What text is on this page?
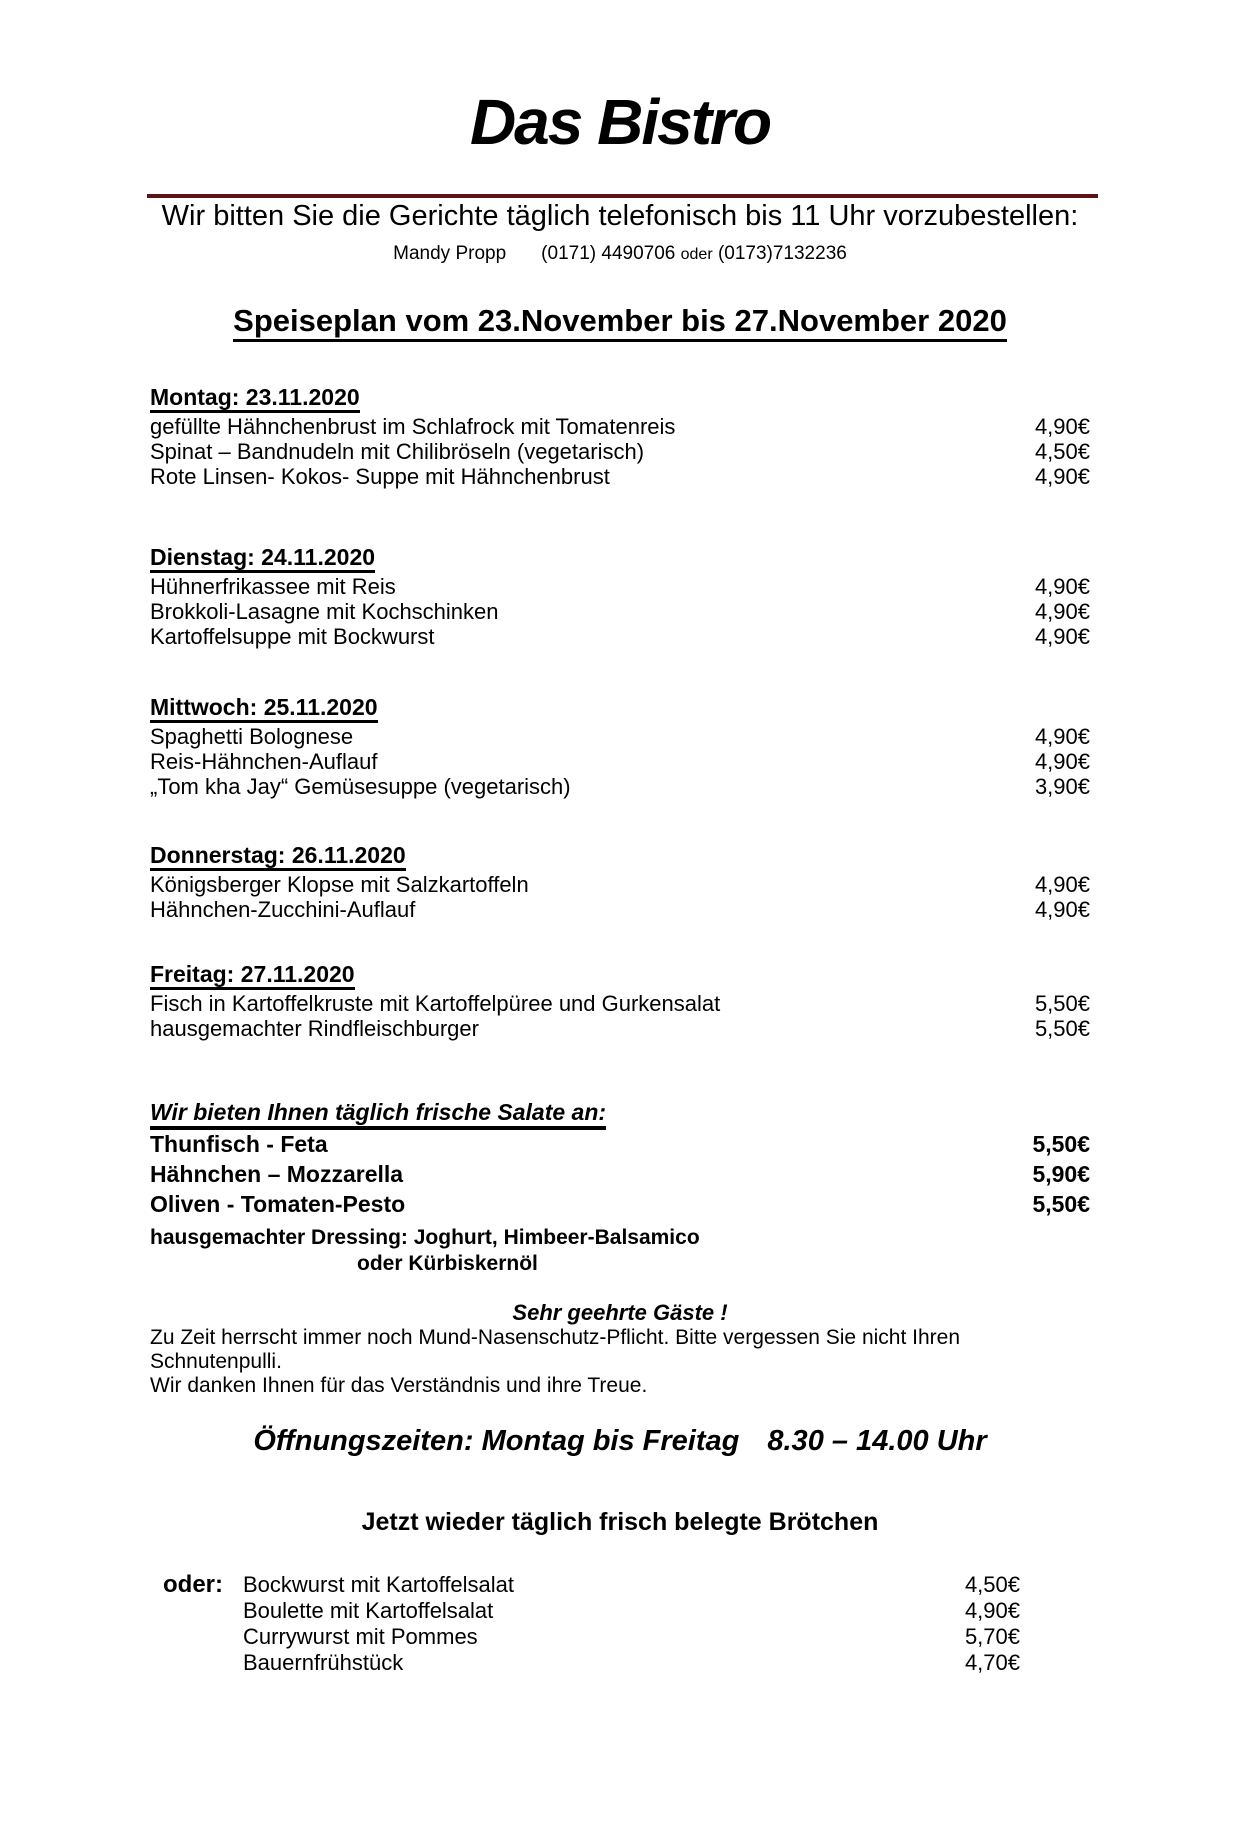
Das Bistro
Wir bitten Sie die Gerichte täglich telefonisch bis 11 Uhr vorzubestellen:
Mandy Propp (0171) 4490706 oder (0173)7132236
Speiseplan vom 23.November bis 27.November 2020
Montag: 23.11.2020
gefüllte Hähnchenbrust im Schlafrock mit Tomatenreis	4,90€
Spinat – Bandnudeln mit Chilibröseln (vegetarisch)	4,50€
Rote Linsen- Kokos- Suppe mit Hähnchenbrust	4,90€
Dienstag: 24.11.2020
Hühnerfrikassee mit Reis	4,90€
Brokkoli-Lasagne mit Kochschinken	4,90€
Kartoffelsuppe mit Bockwurst	4,90€
Mittwoch: 25.11.2020
Spaghetti Bolognese	4,90€
Reis-Hähnchen-Auflauf	4,90€
„Tom kha Jay“ Gemüsesuppe (vegetarisch)	3,90€
Donnerstag: 26.11.2020
Königsberger Klopse mit Salzkartoffeln	4,90€
Hähnchen-Zucchini-Auflauf	4,90€
Freitag: 27.11.2020
Fisch in Kartoffelkruste mit Kartoffelpüree und Gurkensalat	5,50€
hausgemachter Rindfleischburger	5,50€
Wir bieten Ihnen täglich frische Salate an:
Thunfisch - Feta	5,50€
Hähnchen – Mozzarella	5,90€
Oliven - Tomaten-Pesto	5,50€
hausgemachter Dressing: Joghurt, Himbeer-Balsamico
oder Kürbiskernöl
Sehr geehrte Gäste !
Zu Zeit herrscht immer noch Mund-Nasenschutz-Pflicht. Bitte vergessen Sie nicht Ihren Schnutenpulli.
Wir danken Ihnen für das Verständnis und ihre Treue.
Öffnungszeiten: Montag bis Freitag 8.30 – 14.00 Uhr
Jetzt wieder täglich frisch belegte Brötchen
oder: Bockwurst mit Kartoffelsalat	4,50€
Boulette mit Kartoffelsalat	4,90€
Currywurst mit Pommes	5,70€
Bauernfrühstück	4,70€
